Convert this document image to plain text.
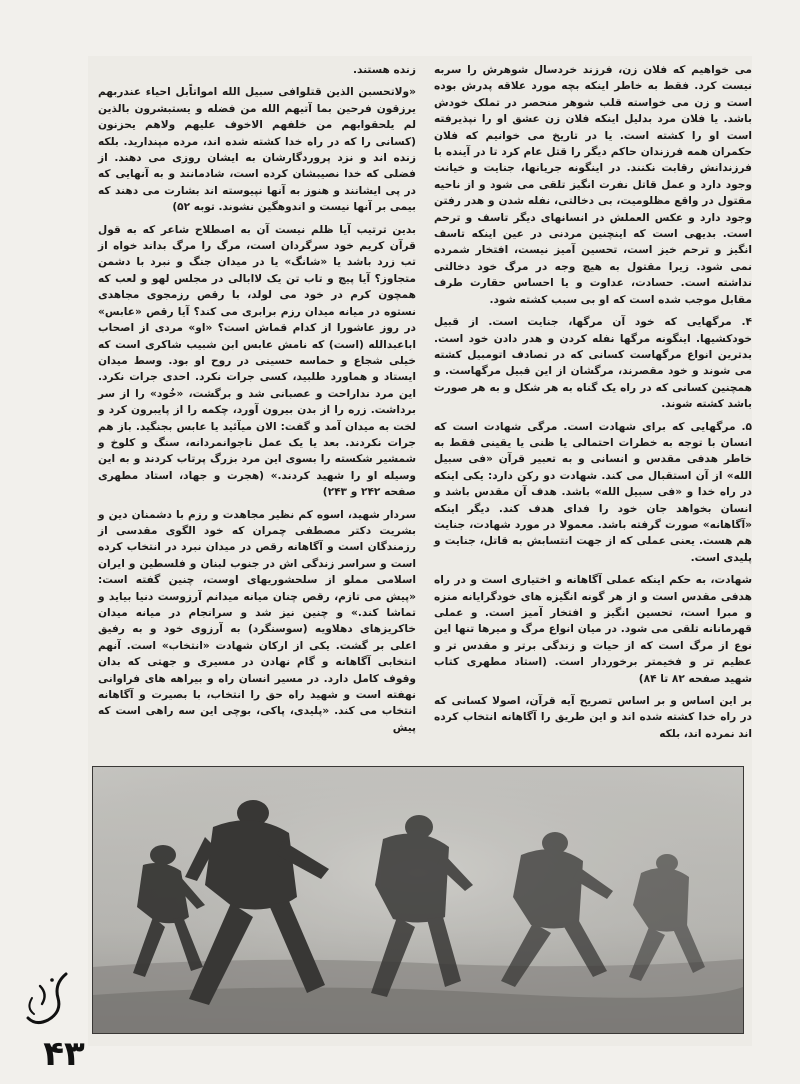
می خواهیم که فلان زن، فرزند خردسال شوهرش را سربه نیست کرد. فقط به خاطر اینکه بچه مورد علاقه پدرش بوده است و زن می خواسته قلب شوهر منحصر در تملک خودش باشد. یا فلان مرد بدلیل اینکه فلان زن عشق او را نپذیرفته است او را کشته است. یا در تاریخ می خوانیم که فلان حکمران همه فرزندان حاکم دیگر را قتل عام کرد تا در آینده با فرزندانش رقابت نکنند. در اینگونه جریانها، جنایت و خیانت وجود دارد و عمل قاتل نفرت انگیز تلقی می شود و از ناحیه مقتول در واقع مظلومیت، بی دخالتی، نفله شدن و هدر رفتن وجود دارد و عکس العملش در انسانهای دیگر تاسف و ترحم است. بدیهی است که اینچنین مردنی در عین اینکه تاسف انگیز و ترحم خیز است، تحسین آمیز نیست، افتخار شمرده نمی شود. زیرا مقتول به هیچ وجه در مرگ خود دخالتی نداشته است. حسادت، عداوت و یا احساس حقارت طرف مقابل موجب شده است که او بی سبب کشته شود.

۴. مرگهایی که خود آن مرگها، جنایت است. از قبیل خودکشیها. اینگونه مرگها نفله کردن و هدر دادن خود است. بدترین انواع مرگهاست کسانی که در تصادف اتومبیل کشته می شوند و خود مقصرند، مرگشان از این قبیل مرگهاست. و همچنین کسانی که در راه یک گناه به هر شکل و به هر صورت باشد کشته شوند.

۵. مرگهایی که برای شهادت است. مرگی شهادت است که انسان با توجه به خطرات احتمالی یا ظنی یا یقینی فقط به خاطر هدفی مقدس و انسانی و به تعبیر قرآن «فی سبیل الله» از آن استقبال می کند. شهادت دو رکن دارد: یکی اینکه در راه خدا و «فی سبیل الله» باشد. هدف آن مقدس باشد و انسان بخواهد جان خود را فدای هدف کند. دیگر اینکه «آگاهانه» صورت گرفته باشد. معمولا در مورد شهادت، جنایت هم هست. یعنی عملی که از جهت انتسابش به قاتل، جنایت و پلیدی است.

شهادت، به حکم اینکه عملی آگاهانه و اختیاری است و در راه هدفی مقدس است و از هر گونه انگیزه های خودگرایانه منزه و مبرا است، تحسین انگیز و افتخار آمیز است. و عملی قهرمانانه تلقی می شود. در میان انواع مرگ و میرها تنها این نوع از مرگ است که از حیات و زندگی برتر و مقدس تر و عظیم تر و فخیمتر برخوردار است. (استاد مطهری کتاب شهید صفحه ۸۲ تا ۸۴)

بر این اساس و بر اساس تصریح آیه قرآن، اصولا کسانی که در راه خدا کشته شده اند و این طریق را آگاهانه انتخاب کرده اند نمرده اند، بلکه

زنده هستند.

«ولاتحسبن الذین قتلوافی سبیل الله امواتاًبل احیاء عندربهم یرزقون فرحین بما آتیهم الله من فضله و یستبشرون بالذین لم یلحقوابهم من خلفهم الاخوف علیهم ولاهم یحزنون (کسانی را که در راه خدا کشته شده اند، مرده مپندارید. بلکه زنده اند و نزد پروردگارشان به ایشان روزی می دهند. از فضلی که خدا نصیبشان کرده است، شادمانند و به آنهایی که در پی ایشانند و هنوز به آنها نپیوسته اند بشارت می دهند که بیمی بر آنها نیست و اندوهگین نشوند. توبه ۵۲)

بدین ترتیب آیا ظلم نیست آن به اصطلاح شاعر که به قول قرآن کریم خود سرگردان است، مرگ را مرگ بداند خواه از تب زرد باشد یا «شانگ» یا در میدان جنگ و نبرد با دشمن متجاوز؟ آیا پیچ و تاب تن یک لاابالی در مجلس لهو و لعب که همچون کرم در خود می لولد، با رقص رزمجوی مجاهدی نستوه در میانه میدان رزم برابری می کند؟ آیا رقص «عابس» در روز عاشورا از کدام قماش است؟ «او» مردی از اصحاب اباعبدالله (است) که نامش عابس ابن شبیب شاکری است که خیلی شجاع و حماسه حسینی در روح او بود. وسط میدان ایستاد و هماورد طلبید، کسی جرات نکرد. احدی جرات نکرد. این مرد نداراحت و عصبانی شد و برگشت، «خُود» را از سر برداشت. زره را از بدن بیرون آورد، چکمه را از پایبرون کرد و لخت به میدان آمد و گفت: الان میآئید یا عابس بجنگید. باز هم جرات نکردند. بعد یا یک عمل ناجوانمردانه، سنگ و کلوخ و شمشیر شکسته را بسوی این مرد بزرگ پرتاب کردند و به این وسیله او را شهید کردند.» (هجرت و جهاد، استاد مطهری صفحه ۲۴۲ و ۲۴۳)

سردار شهید، اسوه کم نظیر مجاهدت و رزم با دشمنان دین و بشریت دکتر مصطفی چمران که خود الگوی مقدسی از رزمندگان است و آگاهانه رقص در میدان نبرد در انتخاب کرده است و سراسر زندگی اش در جنوب لبنان و فلسطین و ایران اسلامی مملو از سلحشوریهای اوست، چنین گفته است: «پیش می تازم، رقص چنان میانه میدانم آرزوست دنیا بیاید و تماشا کند.» و چنین نیز شد و سرانجام در میانه میدان خاکریزهای دهلاویه (سوسنگرد) به آرزوی خود و به رفیق اعلی بر گشت. یکی از ارکان شهادت «انتخاب» است. آنهم انتخابی آگاهانه و گام نهادن در مسیری و جهتی که بدان وقوف کامل دارد. در مسیر انسان راه و بیراهه های فراوانی نهفته است و شهید راه حق را انتخاب، با بصیرت و آگاهانه انتخاب می کند. «پلیدی، پاکی، بوچی این سه راهی است که پیش

۴۳
